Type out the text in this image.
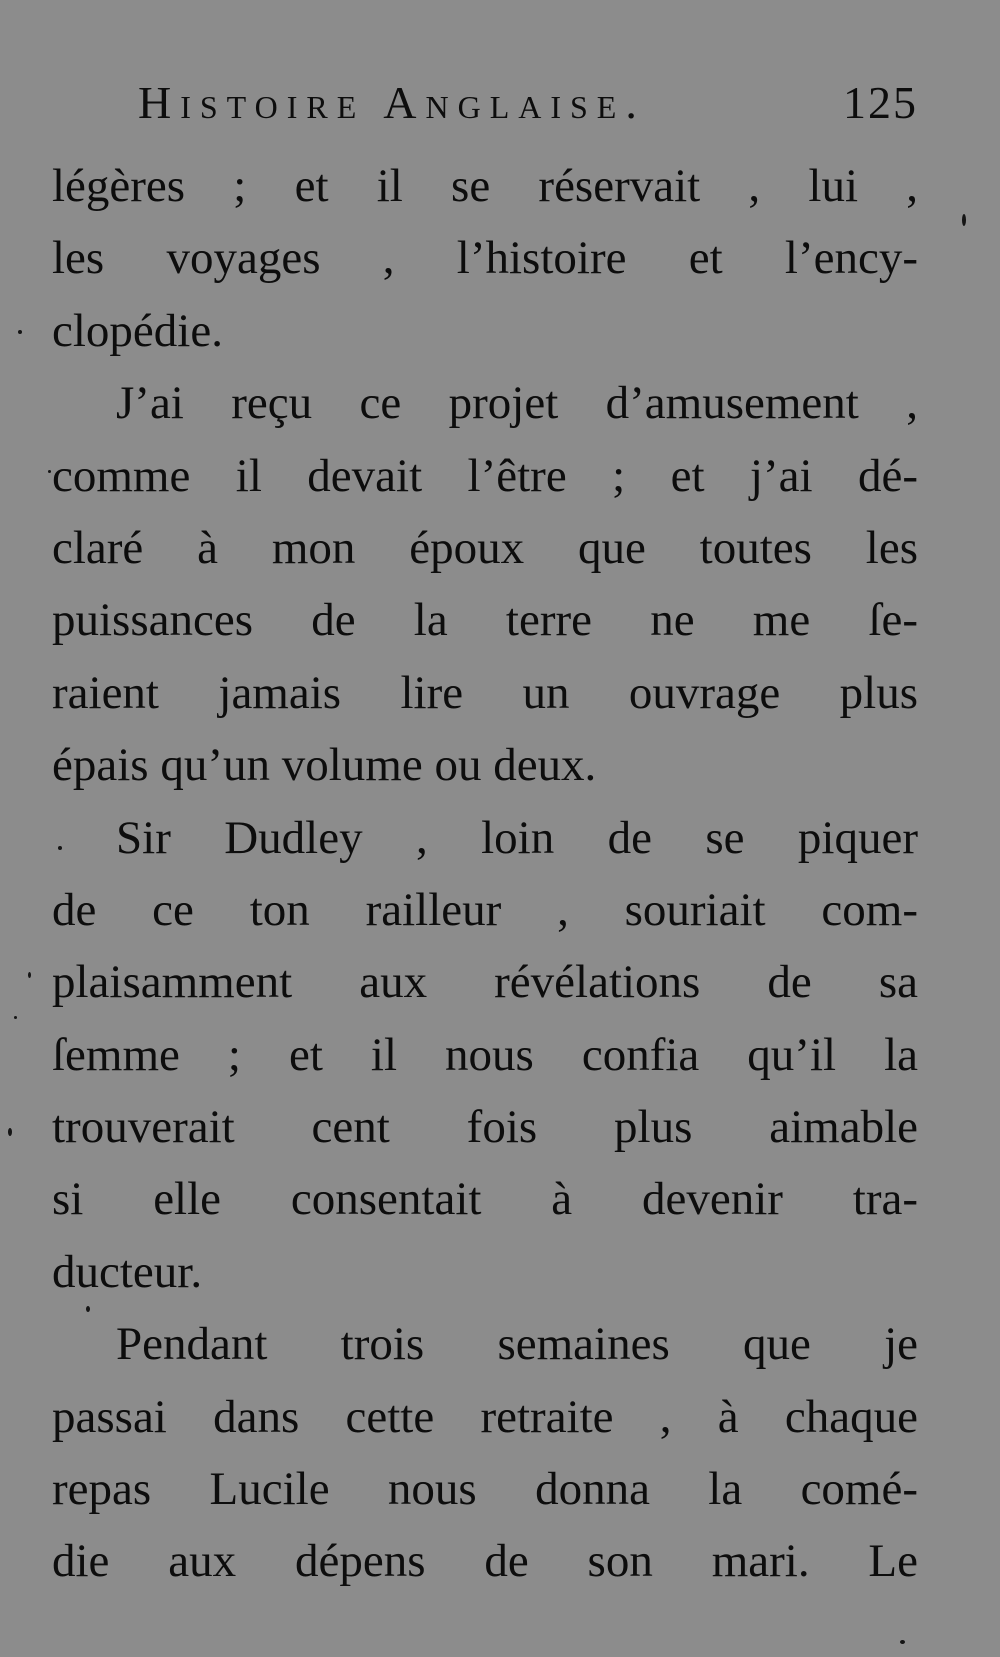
Histoire Anglaise.	125
légères ; et il se réservait , lui ,
les voyages , l’histoire et l’ency-
clopédie.
J’ai reçu ce projet d’amusement ,
comme il devait l’être ; et j’ai dé-
claré à mon époux que toutes les
puissances de la terre ne me ſe-
raient jamais lire un ouvrage plus
épais qu’un volume ou deux.
Sir Dudley , loin de se piquer
de ce ton railleur , souriait com-
plaisamment aux révélations de sa
ſemme ; et il nous confia qu’il la
trouverait cent fois plus aimable
si elle consentait à devenir tra-
ducteur.
Pendant trois semaines que je
passai dans cette retraite , à chaque
repas Lucile nous donna la comé-
die aux dépens de son mari. Le
